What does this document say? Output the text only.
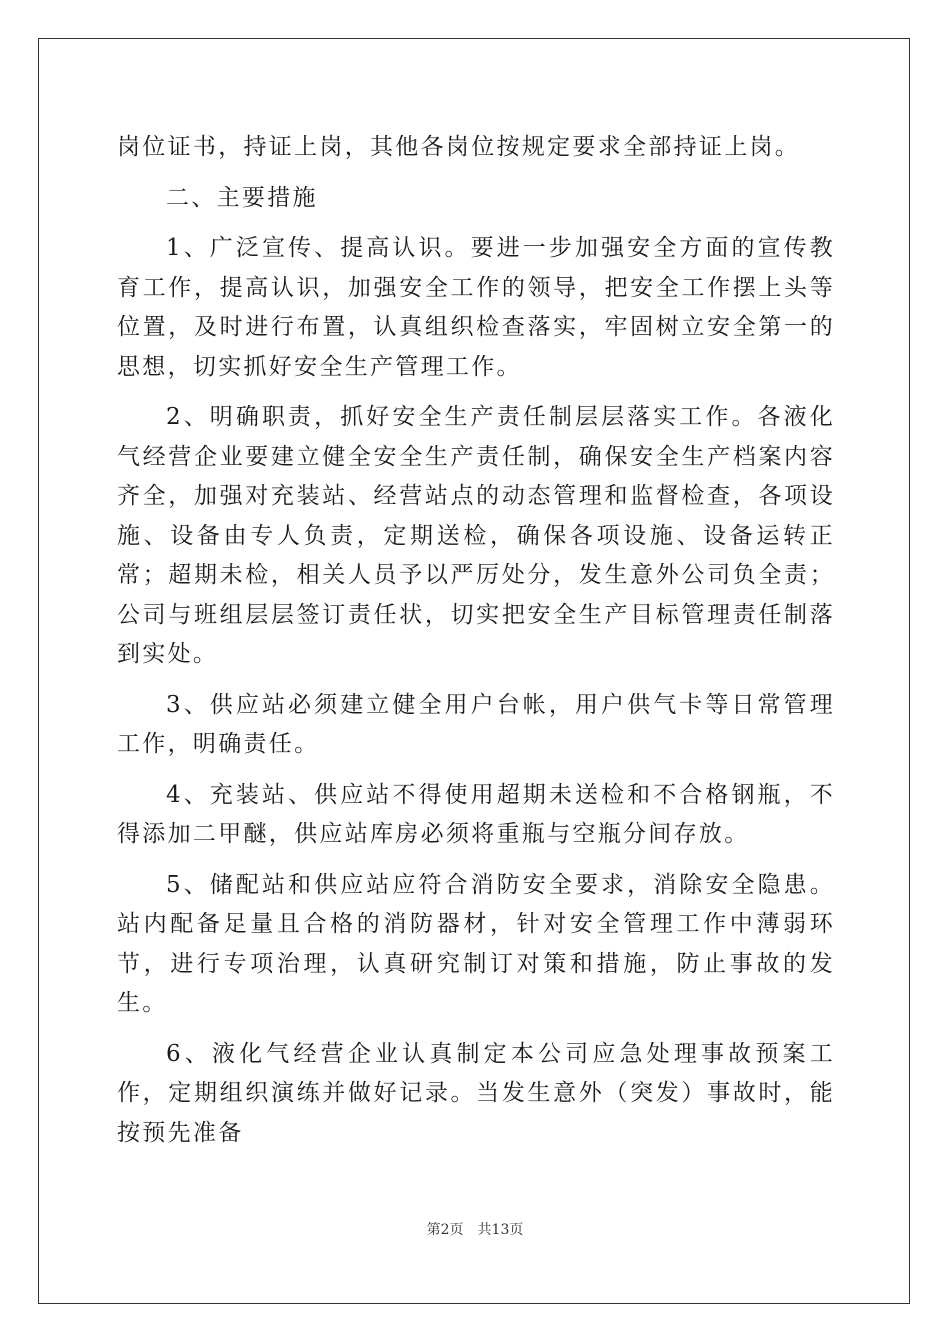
岗位证书，持证上岗，其他各岗位按规定要求全部持证上岗。

二、主要措施

1、广泛宣传、提高认识。要进一步加强安全方面的宣传教育工作，提高认识，加强安全工作的领导，把安全工作摆上头等位置，及时进行布置，认真组织检查落实，牢固树立安全第一的思想，切实抓好安全生产管理工作。

2、明确职责，抓好安全生产责任制层层落实工作。各液化气经营企业要建立健全安全生产责任制，确保安全生产档案内容齐全，加强对充装站、经营站点的动态管理和监督检查，各项设施、设备由专人负责，定期送检，确保各项设施、设备运转正常；超期未检，相关人员予以严厉处分，发生意外公司负全责；公司与班组层层签订责任状，切实把安全生产目标管理责任制落到实处。

3、供应站必须建立健全用户台帐，用户供气卡等日常管理工作，明确责任。

4、充装站、供应站不得使用超期未送检和不合格钢瓶，不得添加二甲醚，供应站库房必须将重瓶与空瓶分间存放。

5、储配站和供应站应符合消防安全要求，消除安全隐患。站内配备足量且合格的消防器材，针对安全管理工作中薄弱环节，进行专项治理，认真研究制订对策和措施，防止事故的发生。

6、液化气经营企业认真制定本公司应急处理事故预案工作，定期组织演练并做好记录。当发生意外（突发）事故时，能按预先准备

第2页 共13页
